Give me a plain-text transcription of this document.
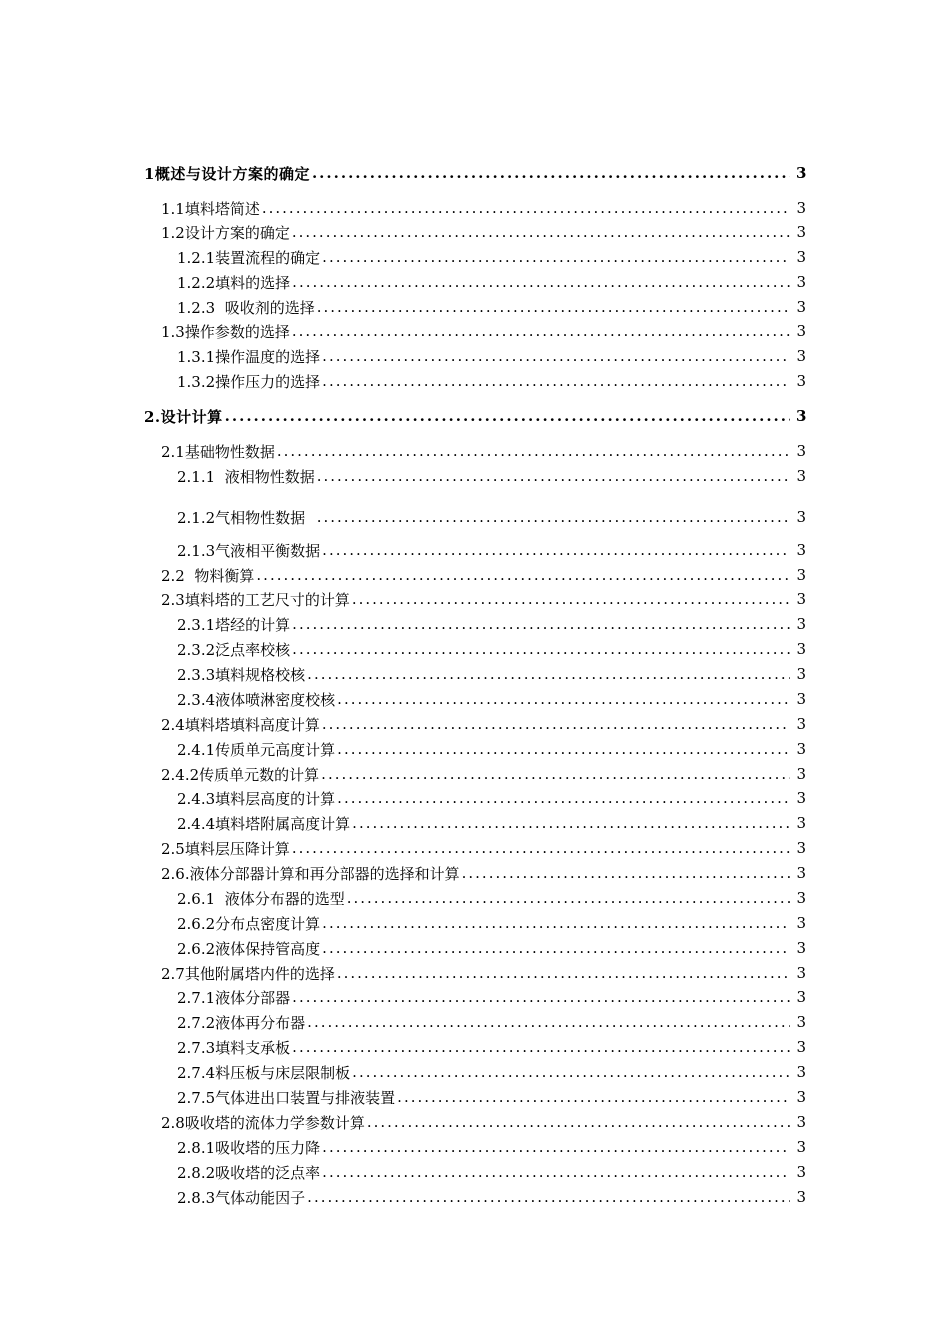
1概述与设计方案的确定 .....	3
1.1填料塔简述 .....	3
1.2设计方案的确定 .....	3
1.2.1装置流程的确定 .....	3
1.2.2填料的选择 .....	3
1.2.3  吸收剂的选择 .....	3
1.3操作参数的选择 .....	3
1.3.1操作温度的选择 .....	3
1.3.2操作压力的选择 .....	3
2.设计计算 .....	3
2.1基础物性数据 .....	3
2.1.1  液相物性数据 .....	3
2.1.2气相物性数据 .....	3
2.1.3气液相平衡数据 .....	3
2.2  物料衡算 .....	3
2.3填料塔的工艺尺寸的计算 .....	3
2.3.1塔经的计算 .....	3
2.3.2泛点率校核 .....	3
2.3.3填料规格校核 .....	3
2.3.4液体喷淋密度校核 .....	3
2.4填料塔填料高度计算 .....	3
2.4.1传质单元高度计算 .....	3
2.4.2传质单元数的计算 .....	3
2.4.3填料层高度的计算 .....	3
2.4.4填料塔附属高度计算 .....	3
2.5填料层压降计算 .....	3
2.6.液体分部器计算和再分部器的选择和计算 .....	3
2.6.1  液体分布器的选型 .....	3
2.6.2分布点密度计算 .....	3
2.6.2液体保持管高度 .....	3
2.7其他附属塔内件的选择 .....	3
2.7.1液体分部器 .....	3
2.7.2液体再分布器 .....	3
2.7.3填料支承板 .....	3
2.7.4料压板与床层限制板 .....	3
2.7.5气体进出口装置与排液装置 .....	3
2.8吸收塔的流体力学参数计算 .....	3
2.8.1吸收塔的压力降 .....	3
2.8.2吸收塔的泛点率 .....	3
2.8.3气体动能因子 .....	3
